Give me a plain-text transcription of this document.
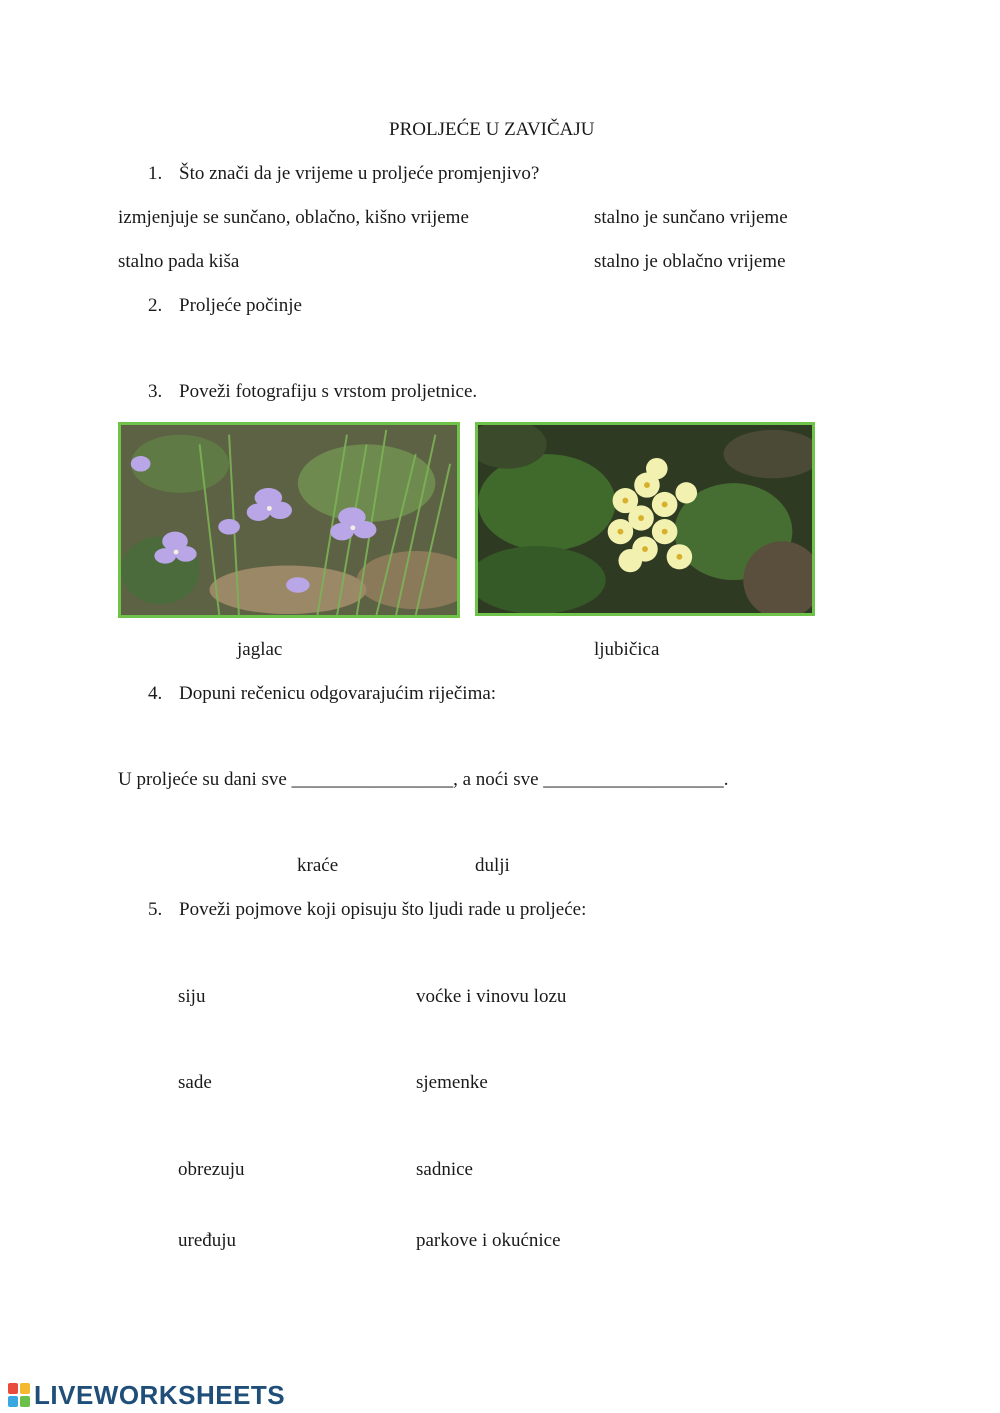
PROLJEĆE U ZAVIČAJU
1. Što znači da je vrijeme u proljeće promjenjivo?
izmjenjuje se sunčano, oblačno, kišno vrijeme	stalno je sunčano vrijeme
stalno pada kiša	stalno je oblačno vrijeme
2. Proljeće počinje
3. Poveži fotografiju s vrstom proljetnice.
jaglac	ljubičica
4. Dopuni rečenicu odgovarajućim riječima:
U proljeće su dani sve _________________, a noći sve ___________________.
kraće	dulji
5. Poveži pojmove koji opisuju što ljudi rade u proljeće:
siju	voćke i vinovu lozu
sade	sjemenke
obrezuju	sadnice
uređuju	parkove i okućnice
LIVEWORKSHEETS
